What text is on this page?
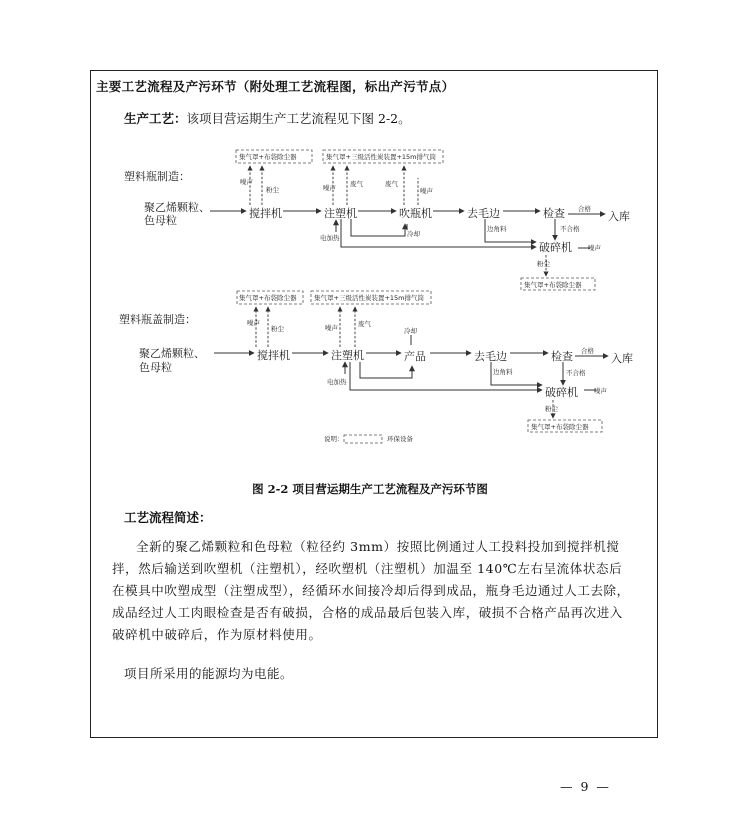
主要工艺流程及产污环节（附处理工艺流程图，标出产污节点）
生产工艺：该项目营运期生产工艺流程见下图 2-2。
塑料瓶制造：
聚乙烯颗粒、
色母粒
集气罩+布袋除尘器	集气罩+三级活性炭装置+15m排气筒
搅拌机	注塑机	吹瓶机	去毛边	检查	入库
破碎机
合格
不合格
边角料
电加热
噪声
噪声
粉尘	噪声 废气	废气
噪声
冷却
粉尘
集气罩+布袋除尘器
集气罩+布袋除尘器	集气罩+三级活性炭装置+15m排气筒
塑料瓶盖制造：
聚乙烯颗粒、
色母粒
搅拌机	注塑机	产品	去毛边	检查	入库
破碎机
合格
不合格
边角料
电加热
噪声
噪声
粉尘	噪声	废气
冷却
粉尘
集气罩+布袋除尘器
说明：	环保设备
图 2-2 项目营运期生产工艺流程及产污环节图
工艺流程简述：
全新的聚乙烯颗粒和色母粒（粒径约 3mm）按照比例通过人工投料投加到搅拌机搅拌，然后输送到吹塑机（注塑机），经吹塑机（注塑机）加温至 140℃左右呈流体状态后在模具中吹塑成型（注塑成型），经循环水间接冷却后得到成品，瓶身毛边通过人工去除，成品经过人工肉眼检查是否有破损，合格的成品最后包装入库，破损不合格产品再次进入破碎机中破碎后，作为原材料使用。
项目所采用的能源均为电能。
— 9 —
